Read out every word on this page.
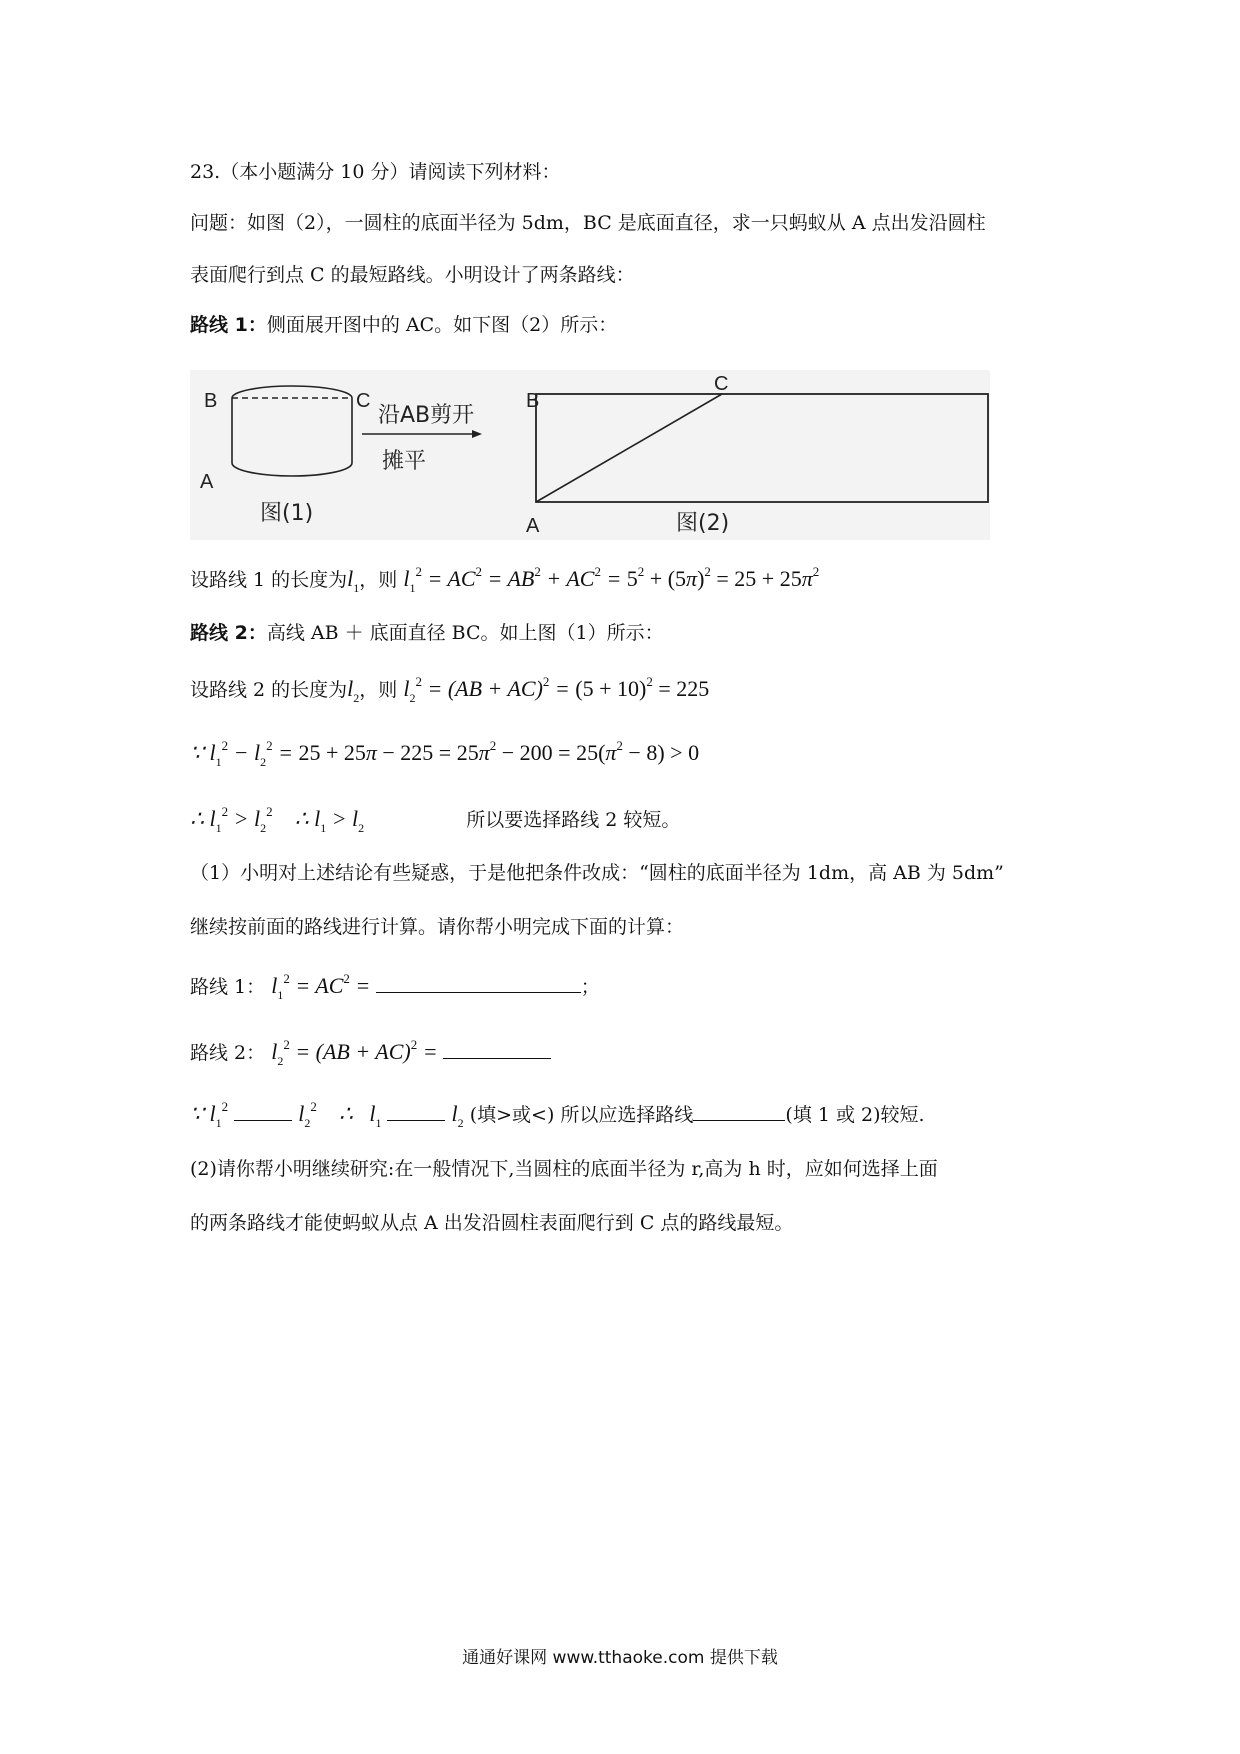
23.（本小题满分 10 分）请阅读下列材料：
问题：如图（2），一圆柱的底面半径为 5dm，BC 是底面直径，求一只蚂蚁从 A 点出发沿圆柱
表面爬行到点 C 的最短路线。小明设计了两条路线：
路线 1：侧面展开图中的 AC。如下图（2）所示：
B	C
A
图(1)
沿AB剪开
摊平
B
C
A	图(2)
设路线 1 的长度为$l_1$，则 $l_1^2 = AC^2 = AB^2 + AC^2 = 5^2 + (5\pi)^2 = 25 + 25\pi^2$
路线 2：高线 AB ＋ 底面直径 BC。如上图（1）所示：
设路线 2 的长度为$l_2$，则 $l_2^2 = (AB + AC)^2 = (5 + 10)^2 = 225$
∵ $l_1^2 - l_2^2 = 25 + 25\pi - 225 = 25\pi^2 - 200 = 25(\pi^2 - 8) > 0$
∴ $l_1^2 > l_2^2$    ∴ $l_1 > l_2$	所以要选择路线 2 较短。
（1）小明对上述结论有些疑惑，于是他把条件改成：“圆柱的底面半径为 1dm，高 AB 为 5dm”
继续按前面的路线进行计算。请你帮小明完成下面的计算：
路线 1： $l_1^2 = AC^2$ =	；
路线 2： $l_2^2 = (AB + AC)^2$ =
∵ $l_1^2$	$l_2^2$    ∴   $l_1$	$l_2$ (填>或<) 所以应选择路线	(填 1 或 2)较短.
(2)请你帮小明继续研究:在一般情况下,当圆柱的底面半径为 r,高为 h 时，应如何选择上面
的两条路线才能使蚂蚁从点 A 出发沿圆柱表面爬行到 C 点的路线最短。
通通好课网 www.tthaoke.com 提供下载
